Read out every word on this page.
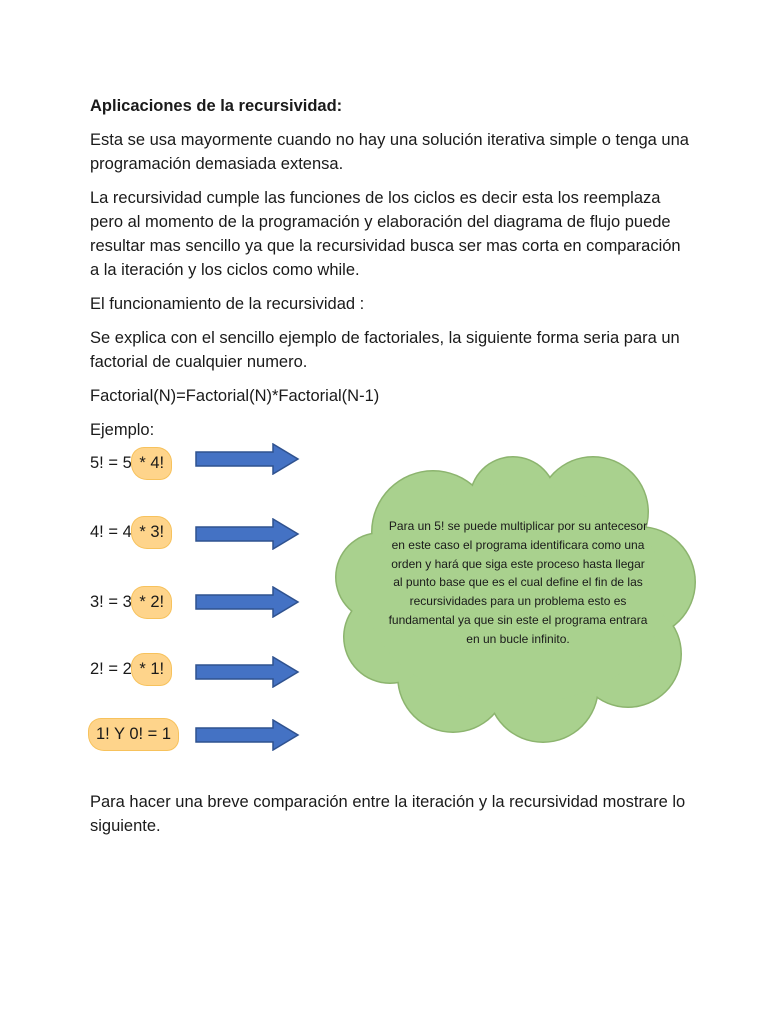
Aplicaciones de la recursividad:
Esta se usa mayormente cuando no hay una solución iterativa simple o tenga una programación demasiada extensa.
La recursividad cumple las funciones de los ciclos es decir esta los reemplaza pero al momento de la programación y elaboración del diagrama de flujo puede resultar mas sencillo ya que la recursividad busca ser mas corta en comparación a la iteración y los ciclos como while.
El funcionamiento de la recursividad :
Se explica con el sencillo ejemplo de factoriales, la siguiente forma seria para un factorial de cualquier numero.
Factorial(N)=Factorial(N)*Factorial(N-1)
Ejemplo:
5! = 5 * 4!
4! = 4 * 3!
3! = 3 * 2!
2! = 2 * 1!
1! Y 0! = 1
Para un 5! se puede multiplicar por su antecesor en este caso el programa identificara como una orden y hará que siga este proceso hasta llegar al punto base que es el cual define el fin de las recursividades para un problema esto es fundamental ya que sin este el programa entrara en un bucle infinito.
Para hacer una breve comparación entre la iteración y la recursividad mostrare lo siguiente.
